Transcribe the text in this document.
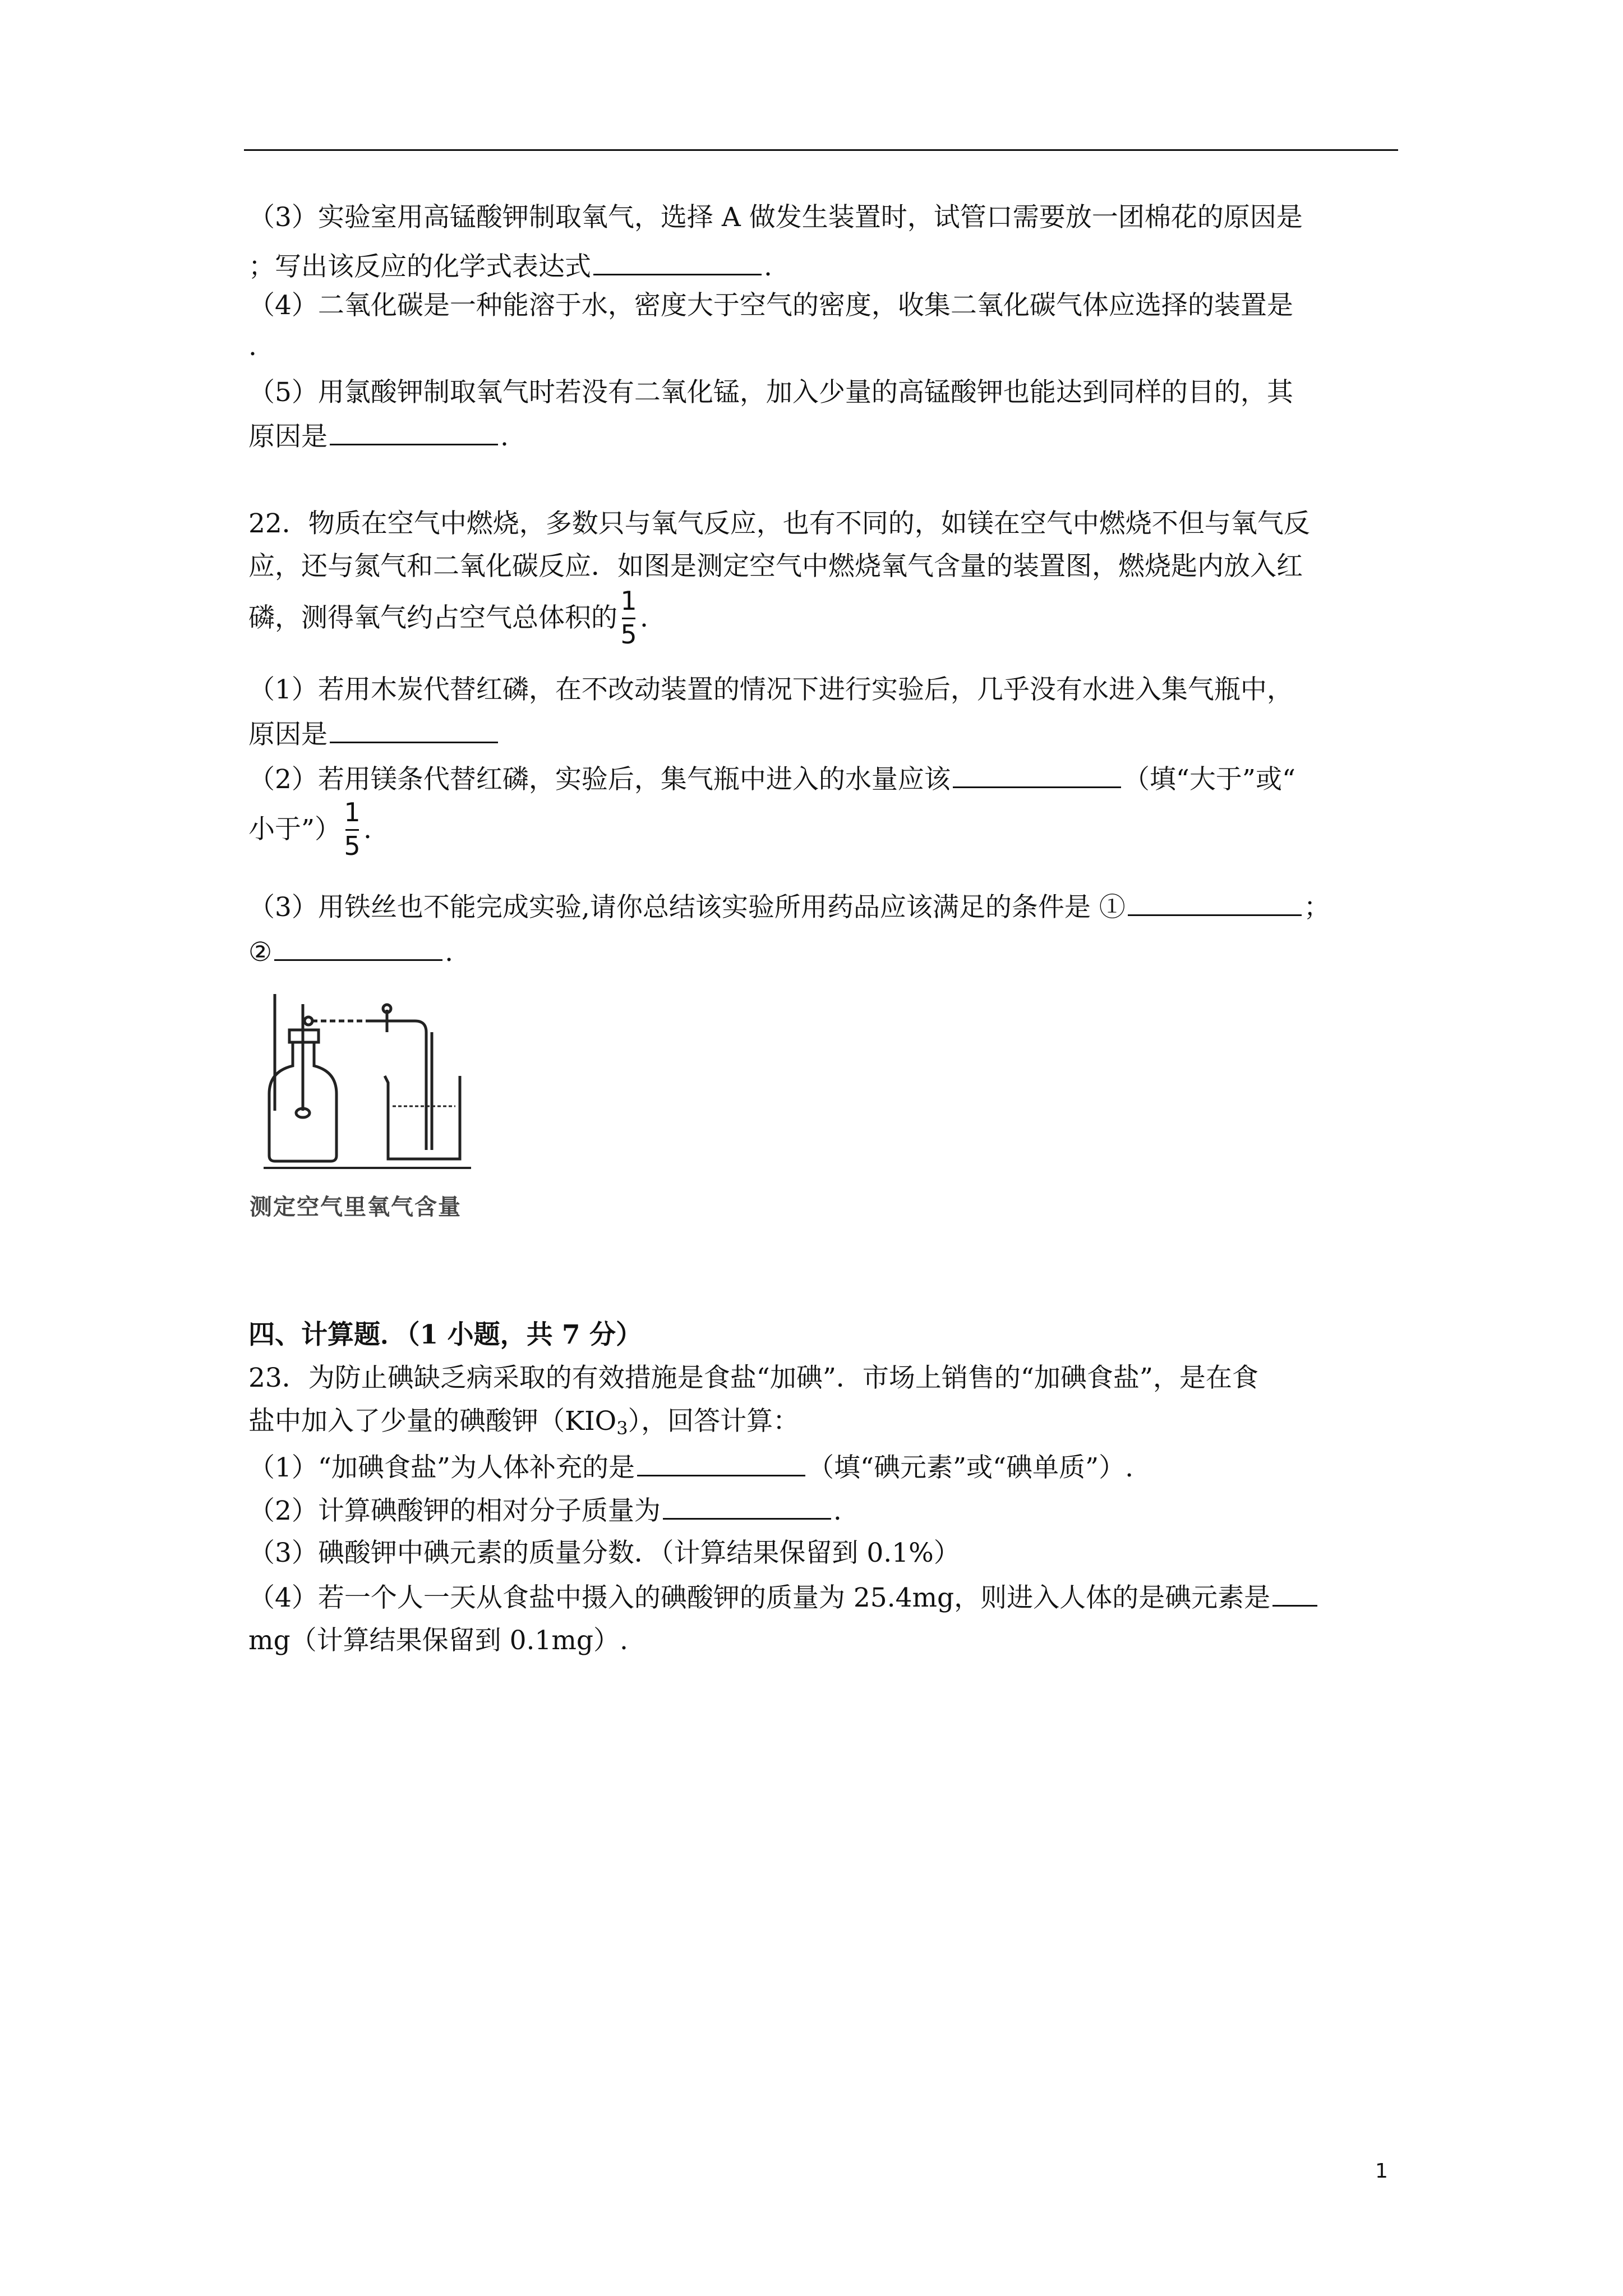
（3）实验室用高锰酸钾制取氧气，选择 A 做发生装置时，试管口需要放一团棉花的原因是
；写出该反应的化学式表达式	.
（4）二氧化碳是一种能溶于水，密度大于空气的密度，收集二氧化碳气体应选择的装置是
.
（5）用氯酸钾制取氧气时若没有二氧化锰，加入少量的高锰酸钾也能达到同样的目的，其
原因是	.
22．物质在空气中燃烧，多数只与氧气反应，也有不同的，如镁在空气中燃烧不但与氧气反
应，还与氮气和二氧化碳反应．如图是测定空气中燃烧氧气含量的装置图，燃烧匙内放入红
磷，测得氧气约占空气总体积的 $\frac{1}{5}$ .
（1）若用木炭代替红磷，在不改动装置的情况下进行实验后，几乎没有水进入集气瓶中，
原因是
（2）若用镁条代替红磷，实验后，集气瓶中进入的水量应该	（填“大于”或“
小于”） $\frac{1}{5}$ .
（3）用铁丝也不能完成实验,请你总结该实验所用药品应该满足的条件是 ①	；
②	.
测定空气里氧气含量
四、计算题．（1 小题，共 7 分）
23．为防止碘缺乏病采取的有效措施是食盐“加碘”．市场上销售的“加碘食盐”，是在食
盐中加入了少量的碘酸钾$(KIO_3)$，回答计算：
（1）“加碘食盐”为人体补充的是	（填“碘元素”或“碘单质”）.
（2）计算碘酸钾的相对分子质量为	.
（3）碘酸钾中碘元素的质量分数．（计算结果保留到 0.1%）
（4）若一个人一天从食盐中摄入的碘酸钾的质量为 25.4mg，则进入人体的是碘元素是
mg（计算结果保留到 0.1mg）.
1
